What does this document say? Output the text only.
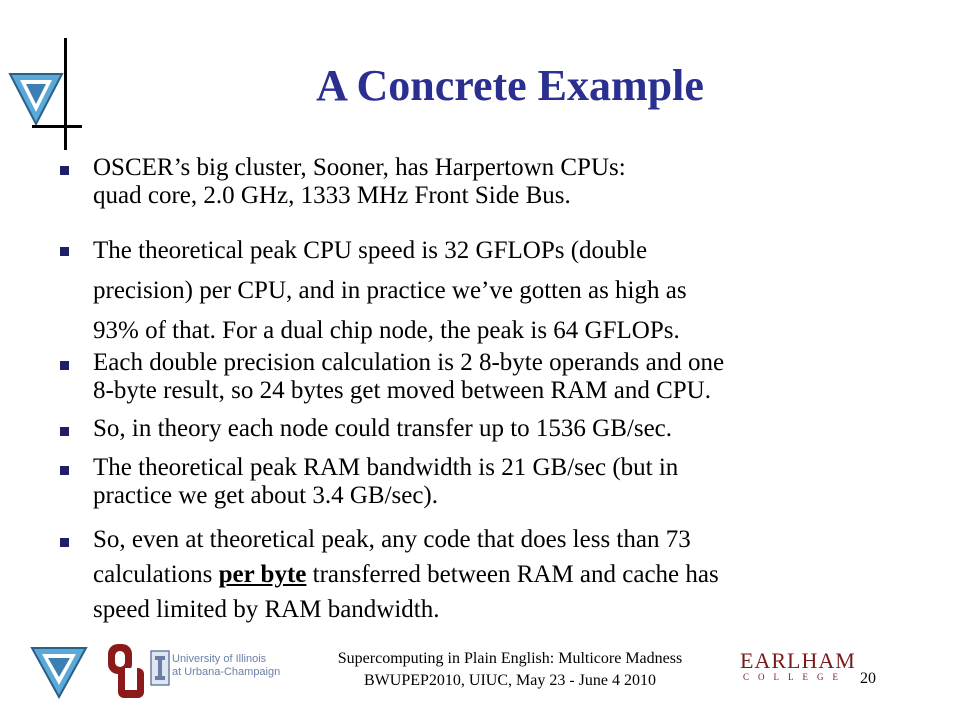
A Concrete Example
OSCER’s big cluster, Sooner, has Harpertown CPUs:
quad core, 2.0 GHz, 1333 MHz Front Side Bus.
The theoretical peak CPU speed is 32 GFLOPs (double
precision) per CPU, and in practice we’ve gotten as high as
93% of that. For a dual chip node, the peak is 64 GFLOPs.
Each double precision calculation is 2 8-byte operands and one
8-byte result, so 24 bytes get moved between RAM and CPU.
So, in theory each node could transfer up to 1536 GB/sec.
The theoretical peak RAM bandwidth is 21 GB/sec (but in
practice we get about 3.4 GB/sec).
So, even at theoretical peak, any code that does less than 73
calculations per byte transferred between RAM and cache has
speed limited by RAM bandwidth.
University of Illinois
at Urbana-Champaign
Supercomputing in Plain English: Multicore Madness
BWUPEP2010, UIUC, May 23 - June 4 2010
EARLHAM
COLLEGE 20
